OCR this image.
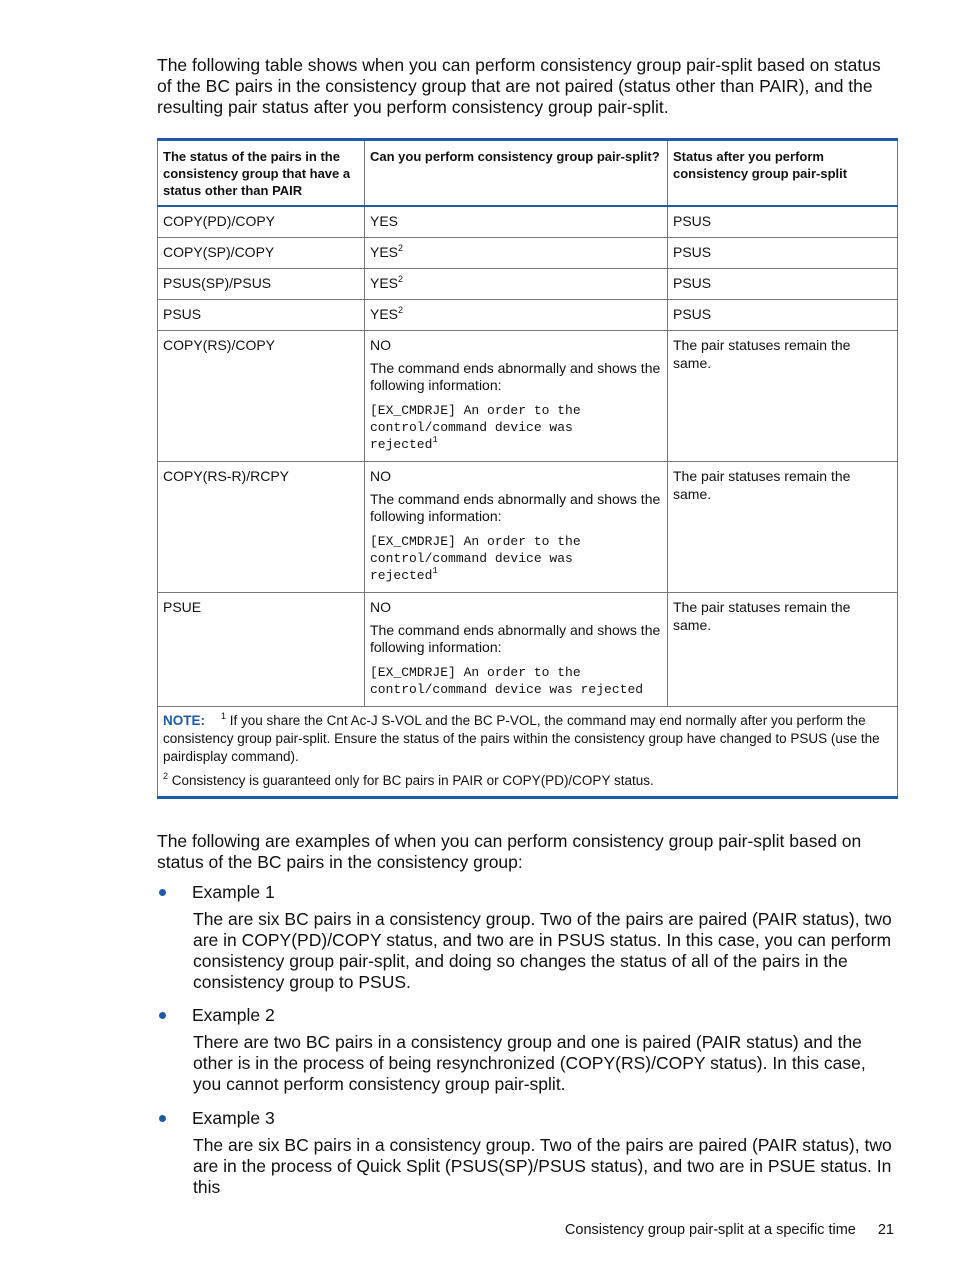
The following table shows when you can perform consistency group pair-split based on status of the BC pairs in the consistency group that are not paired (status other than PAIR), and the resulting pair status after you perform consistency group pair-split.

The status of the pairs in the consistency group that have a status other than PAIR	Can you perform consistency group pair-split?	Status after you perform consistency group pair-split
COPY(PD)/COPY	YES	PSUS
COPY(SP)/COPY	YES$^2$	PSUS
PSUS(SP)/PSUS	YES$^2$	PSUS
PSUS	YES$^2$	PSUS
COPY(RS)/COPY	NO

The command ends abnormally and shows the following information:

[EX_CMDRJE] An order to the
control/command device was
rejected$^1$	The pair statuses remain the same.
COPY(RS-R)/RCPY	NO

The command ends abnormally and shows the following information:

[EX_CMDRJE] An order to the
control/command device was
rejected$^1$	The pair statuses remain the same.
PSUE	NO

The command ends abnormally and shows the following information:

[EX_CMDRJE] An order to the
control/command device was rejected	The pair statuses remain the same.

NOTE: $^1$ If you share the Cnt Ac-J S-VOL and the BC P-VOL, the command may end normally after you perform the consistency group pair-split. Ensure the status of the pairs within the consistency group have changed to PSUS (use the pairdisplay command).
$^2$ Consistency is guaranteed only for BC pairs in PAIR or COPY(PD)/COPY status.		

The following are examples of when you can perform consistency group pair-split based on status of the BC pairs in the consistency group:

Example 1

The are six BC pairs in a consistency group. Two of the pairs are paired (PAIR status), two are in COPY(PD)/COPY status, and two are in PSUS status. In this case, you can perform consistency group pair-split, and doing so changes the status of all of the pairs in the consistency group to PSUS.

Example 2

There are two BC pairs in a consistency group and one is paired (PAIR status) and the other is in the process of being resynchronized (COPY(RS)/COPY status). In this case, you cannot perform consistency group pair-split.

Example 3

The are six BC pairs in a consistency group. Two of the pairs are paired (PAIR status), two are in the process of Quick Split (PSUS(SP)/PSUS status), and two are in PSUE status. In this

Consistency group pair-split at a specific time 21
